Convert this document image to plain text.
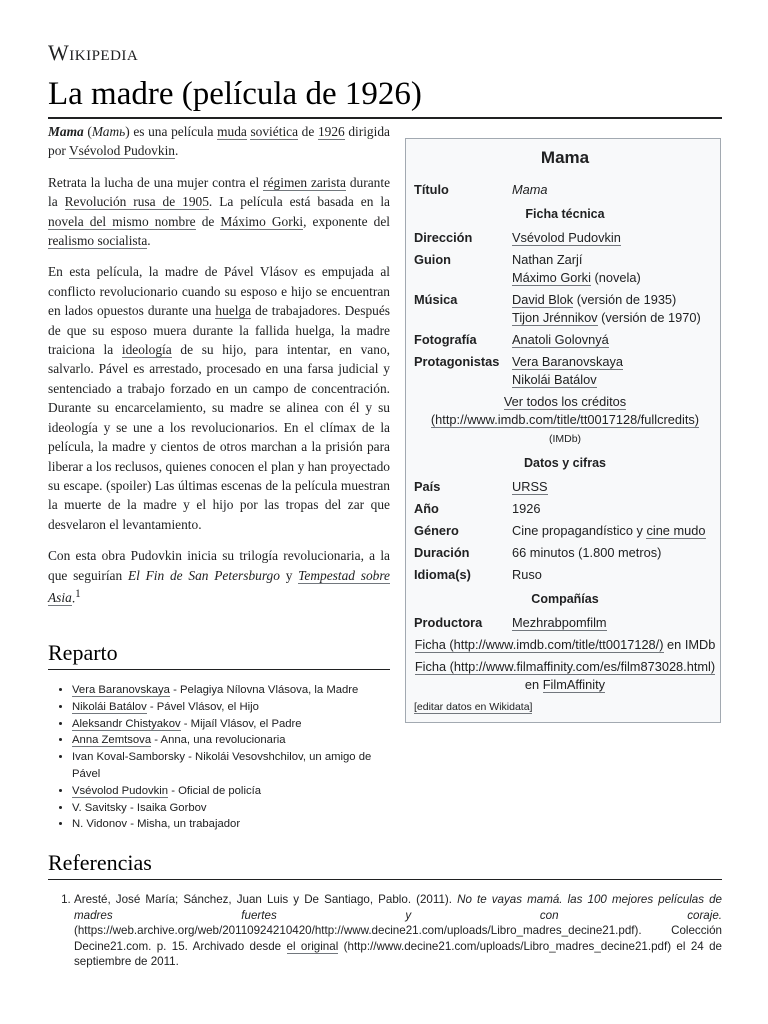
Wikipedia
La madre (película de 1926)

Mama (Мать) es una película muda soviética de 1926 dirigida por Vsévolod Pudovkin.

Retrata la lucha de una mujer contra el régimen zarista durante la Revolución rusa de 1905. La película está basada en la novela del mismo nombre de Máximo Gorki, exponente del realismo socialista.

En esta película, la madre de Pável Vlásov es empujada al conflicto revolucionario cuando su esposo e hijo se encuentran en lados opuestos durante una huelga de trabajadores. Después de que su esposo muera durante la fallida huelga, la madre traiciona la ideología de su hijo, para intentar, en vano, salvarlo. Pável es arrestado, procesado en una farsa judicial y sentenciado a trabajo forzado en un campo de concentración. Durante su encarcelamiento, su madre se alinea con él y su ideología y se une a los revolucionarios. En el clímax de la película, la madre y cientos de otros marchan a la prisión para liberar a los reclusos, quienes conocen el plan y han proyectado su escape. (spoiler) Las últimas escenas de la película muestran la muerte de la madre y el hijo por las tropas del zar que desvelaron el levantamiento.

Con esta obra Pudovkin inicia su trilogía revolucionaria, a la que seguirían El Fin de San Petersburgo y Tempestad sobre Asia.$^1$

Reparto
• Vera Baranovskaya - Pelagiya Nílovna Vlásova, la Madre
• Nikolái Batálov - Pável Vlásov, el Hijo
• Aleksandr Chistyakov - Mijaíl Vlásov, el Padre
• Anna Zemtsova - Anna, una revolucionaria
• Ivan Koval-Samborsky - Nikolái Vesovshchilov, un amigo de Pável
• Vsévolod Pudovkin - Oficial de policía
• V. Savitsky - Isaika Gorbov
• N. Vidonov - Misha, un trabajador
Referencias
1. Aresté, José María; Sánchez, Juan Luis y De Santiago, Pablo. (2011). No te vayas mamá. las 100 mejores películas de madres fuertes y con coraje. (https://web.archive.org/web/20110924210420/http://www.decine21.com/uploads/Libro_madres_decine21.pdf). Colección Decine21.com. p. 15. Archivado desde el original (http://www.decine21.com/uploads/Libro_madres_decine21.pdf) el 24 de septiembre de 2011.
Mama
Título	Mama
Ficha técnica
Dirección	Vsévolod Pudovkin
Guion	Nathan Zarjí
Máximo Gorki (novela)
Música	David Blok (versión de 1935)
Tijon Jrénnikov (versión de 1970)
Fotografía	Anatoli Golovnyá
Protagonistas Vera Baranovskaya
Nikolái Batálov
Ver todos los créditos (http://www.imdb.com/title/tt0017128/fullcredits) (IMDb)
Datos y cifras
País	URSS
Año	1926
Género	Cine propagandístico y cine mudo
Duración	66 minutos (1.800 metros)
Idioma(s)	Ruso
Compañías
Productora	Mezhrabpomfilm
Ficha (http://www.imdb.com/title/tt0017128/) en IMDb
Ficha (http://www.filmaffinity.com/es/film873028.html) en FilmAffinity
[editar datos en Wikidata]
